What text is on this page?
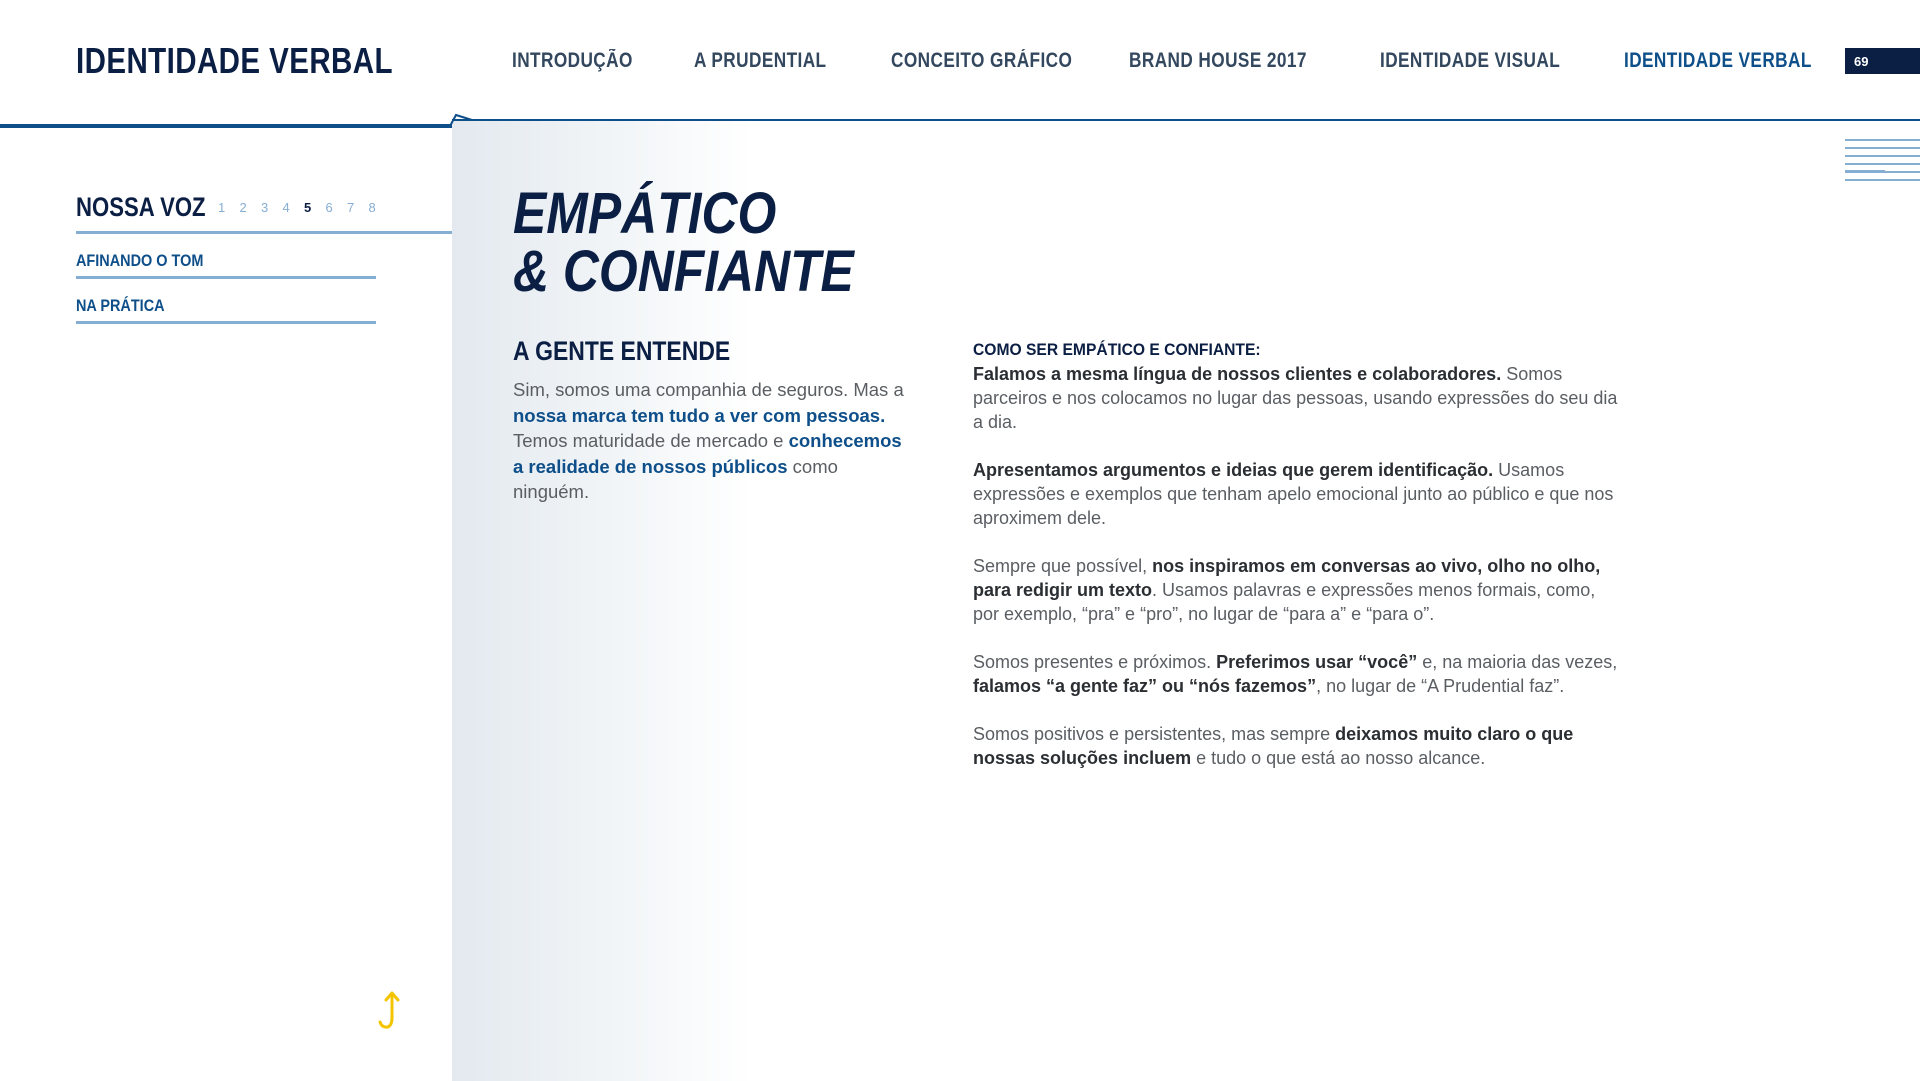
IDENTIDADE VERBAL	INTRODUÇÃO	A PRUDENTIAL	CONCEITO GRÁFICO	BRAND HOUSE 2017	IDENTIDADE VISUAL	IDENTIDADE VERBAL	69
NOSSA VOZ 1	2	3	4	5	6	7	8
AFINANDO O TOM
NA PRÁTICA
EMPÁTICO
& CONFIANTE
A GENTE ENTENDE
Sim, somos uma companhia de seguros. Mas a nossa marca tem tudo a ver com pessoas. Temos maturidade de mercado e conhecemos a realidade de nossos públicos como ninguém.
COMO SER EMPÁTICO E CONFIANTE:

Falamos a mesma língua de nossos clientes e colaboradores. Somos parceiros e nos colocamos no lugar das pessoas, usando expressões do seu dia a dia.

Apresentamos argumentos e ideias que gerem identificação. Usamos expressões e exemplos que tenham apelo emocional junto ao público e que nos aproximem dele.

Sempre que possível, nos inspiramos em conversas ao vivo, olho no olho, para redigir um texto. Usamos palavras e expressões menos formais, como, por exemplo, “pra” e “pro”, no lugar de “para a” e “para o”.

Somos presentes e próximos. Preferimos usar “você” e, na maioria das vezes, falamos “a gente faz” ou “nós fazemos”, no lugar de “A Prudential faz”.

Somos positivos e persistentes, mas sempre deixamos muito claro o que nossas soluções incluem e tudo o que está ao nosso alcance.
